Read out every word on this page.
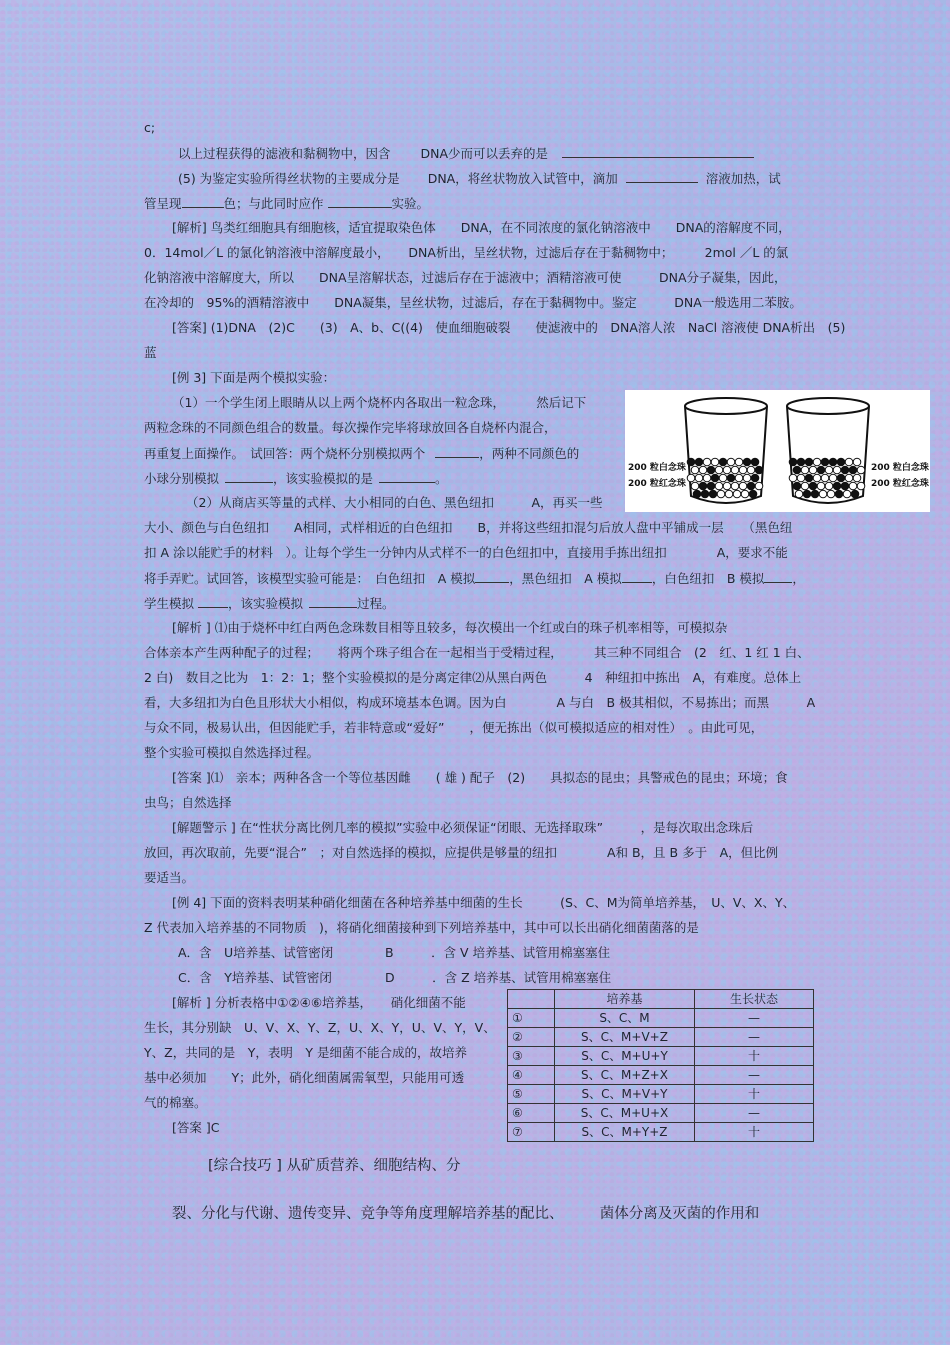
c;
以上过程获得的滤液和黏稠物中，因含 DNA少而可以丢弃的是
(5) 为鉴定实验所得丝状物的主要成分是 DNA，将丝状物放入试管中，滴加	溶液加热，试
管呈现	色；与此同时应作	实验。
[解析] 鸟类红细胞具有细胞核，适宜提取染色体　　DNA，在不同浓度的氯化钠溶液中　　DNA的溶解度不同，
0．14mol／L 的氯化钠溶液中溶解度最小，　　DNA析出，呈丝状物，过滤后存在于黏稠物中；　　　2mol ／L 的氯
化钠溶液中溶解度大，所以　　DNA呈溶解状态，过滤后存在于滤液中；酒精溶液可使　　　DNA分子凝集，因此，
在冷却的　95%的酒精溶液中　　DNA凝集，呈丝状物，过滤后，存在于黏稠物中。鉴定　　　DNA一般选用二苯胺。
[答案] (1)DNA　(2)C　　(3)　A、b、C((4)　使血细胞破裂　　使滤液中的　DNA溶人浓　NaCl 溶液使 DNA析出　(5)
蓝
[例 3] 下面是两个模拟实验：
（1）一个学生闭上眼睛从以上两个烧杯内各取出一粒念珠，　　　然后记下
两粒念珠的不同颜色组合的数量。每次操作完毕将球放回各自烧杯内混合，
再重复上面操作。　试回答：两个烧杯分别模拟两个	，两种不同颜色的
小球分别模拟	，该实验模拟的是	。
（2）从商店买等量的式样、大小相同的白色、黑色纽扣　　　A，再买一些
200 粒白念珠
200 粒红念珠
200 粒白念珠
200 粒红念珠
大小、颜色与白色纽扣　　A相同，式样相近的白色纽扣　　B，并将这些纽扣混匀后放人盘中平铺成一层　　（黑色纽
扣 A 涂以能贮手的材料　）。让每个学生一分钟内从式样不一的白色纽扣中，直接用手拣出纽扣　　　　A，要求不能
将手弄贮。试回答，该模型实验可能是：　白色纽扣　A 模拟	，黑色纽扣　A 模拟 ，白色纽扣　B 模拟 ，
学生模拟	，该实验模拟	过程。
[解析 ] ⑴由于烧杯中红白两色念珠数目相等且较多，每次模出一个红或白的珠子机率相等，可模拟杂
合体亲本产生两种配子的过程；　　将两个珠子组合在一起相当于受精过程，　　　其三种不同组合　(2　红、1 红 1 白、
2 白)　数目之比为　1：2：1；整个实验模拟的是分离定律⑵从黑白两色　　　4　种纽扣中拣出　A，有难度。总体上
看，大多纽扣为白色且形状大小相似，构成环境基本色调。因为白　　　　A 与白　B 极其相似，不易拣出；而黑　　　A
与众不同，极易认出，但因能贮手，若非特意或“爱好”　　，便无拣出（似可模拟适应的相对性）　。由此可见，
整个实验可模拟自然选择过程。
[答案 ]⑴　亲本；两种各含一个等位基因雌　　( 雄 ) 配子　(2)　　具拟态的昆虫；具警戒色的昆虫；环境；食
虫鸟；自然选择
[解题警示 ] 在“性状分离比例几率的模拟”实验中必须保证“闭眼、无选择取珠”　　　，是每次取出念珠后
放回，再次取前，先要“混合”　；对自然选择的模拟，应提供是够量的纽扣　　　　A和 B，且 B 多于　A，但比例
要适当。
[例 4] 下面的资料表明某种硝化细菌在各种培养基中细菌的生长　　　(S、C、M为简单培养基，　U、V、X、Y、
Z 代表加入培养基的不同物质　)，将硝化细菌接种到下列培养基中，其中可以长出硝化细菌菌落的是
A．含　U培养基、试管密闭	B　　　．含 V 培养基、试管用棉塞塞住
C．含　Y培养基、试管密闭	D　　　．含 Z 培养基、试管用棉塞塞住
[解析 ] 分析表格中①②④⑥培养基，　　硝化细菌不能
生长，其分别缺　U、V、X、Y、Z，U、X、Y，U、V、Y，V、
Y、Z，共同的是　Y，表明　Y 是细菌不能合成的，故培养
基中必须加　　Y；此外，硝化细菌属需氧型，只能用可透
气的棉塞。
[答案 ]C
	培养基	生长状态
①	S、C、M	—
②	S、C、M+V+Z	—
③	S、C、M+U+Y	十
④	S、C、M+Z+X	—
⑤	S、C、M+V+Y	十
⑥	S、C、M+U+X	—
⑦	S、C、M+Y+Z	十
[综合技巧 ] 从矿质营养、细胞结构、分
裂、分化与代谢、遗传变异、竞争等角度理解培养基的配比、　　　菌体分离及灭菌的作用和
